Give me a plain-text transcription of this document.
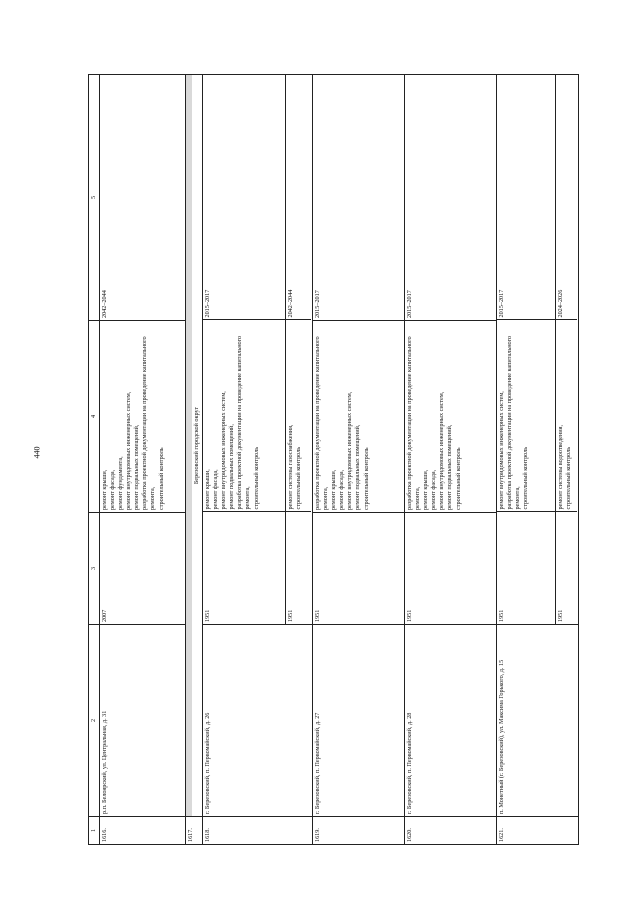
440
1	2	3	4	5
1616.	р.п. Белоярский, ул. Центральная, д. 31	2007	ремонт крыши,
ремонт фасада,
ремонт фундамента,
ремонт внутридомовых инженерных систем,
ремонт подвальных помещений,
разработка проектной документации на проведение капитального ремонта,
строительный контроль	2042–2044
1617.	
Березовский городской округ

1618.	г. Березовский, п. Первомайский, д. 26	
1951	ремонт крыши,
ремонт фасада,
ремонт внутридомовых инженерных систем,
ремонт подвальных помещений,
разработка проектной документации на проведение капитального ремонта,
строительный контроль	2015–2017
1951	ремонт системы газоснабжения,
строительный контроль	2042–2044

1619.	г. Березовский, п. Первомайский, д. 27	1951	разработка проектной документации на проведение капитального ремонта,
ремонт крыши,
ремонт фасада,
ремонт внутридомовых инженерных систем,
ремонт подвальных помещений,
строительный контроль	2015–2017
1620.	г. Березовский, п. Первомайский, д. 28	1951	разработка проектной документации на проведение капитального ремонта,
ремонт крыши,
ремонт фасада,
ремонт внутридомовых инженерных систем,
ремонт подвальных помещений,
строительный контроль	2015–2017
1621.	п. Монетный (г. Березовский), ул. Максима Горького, д. 15	
1951	ремонт внутридомовых инженерных систем,
разработка проектной документации на проведение капитального ремонта,
строительный контроль	2015–2017
1951	ремонт системы водоотведения,
строительный контроль	2024–2026
